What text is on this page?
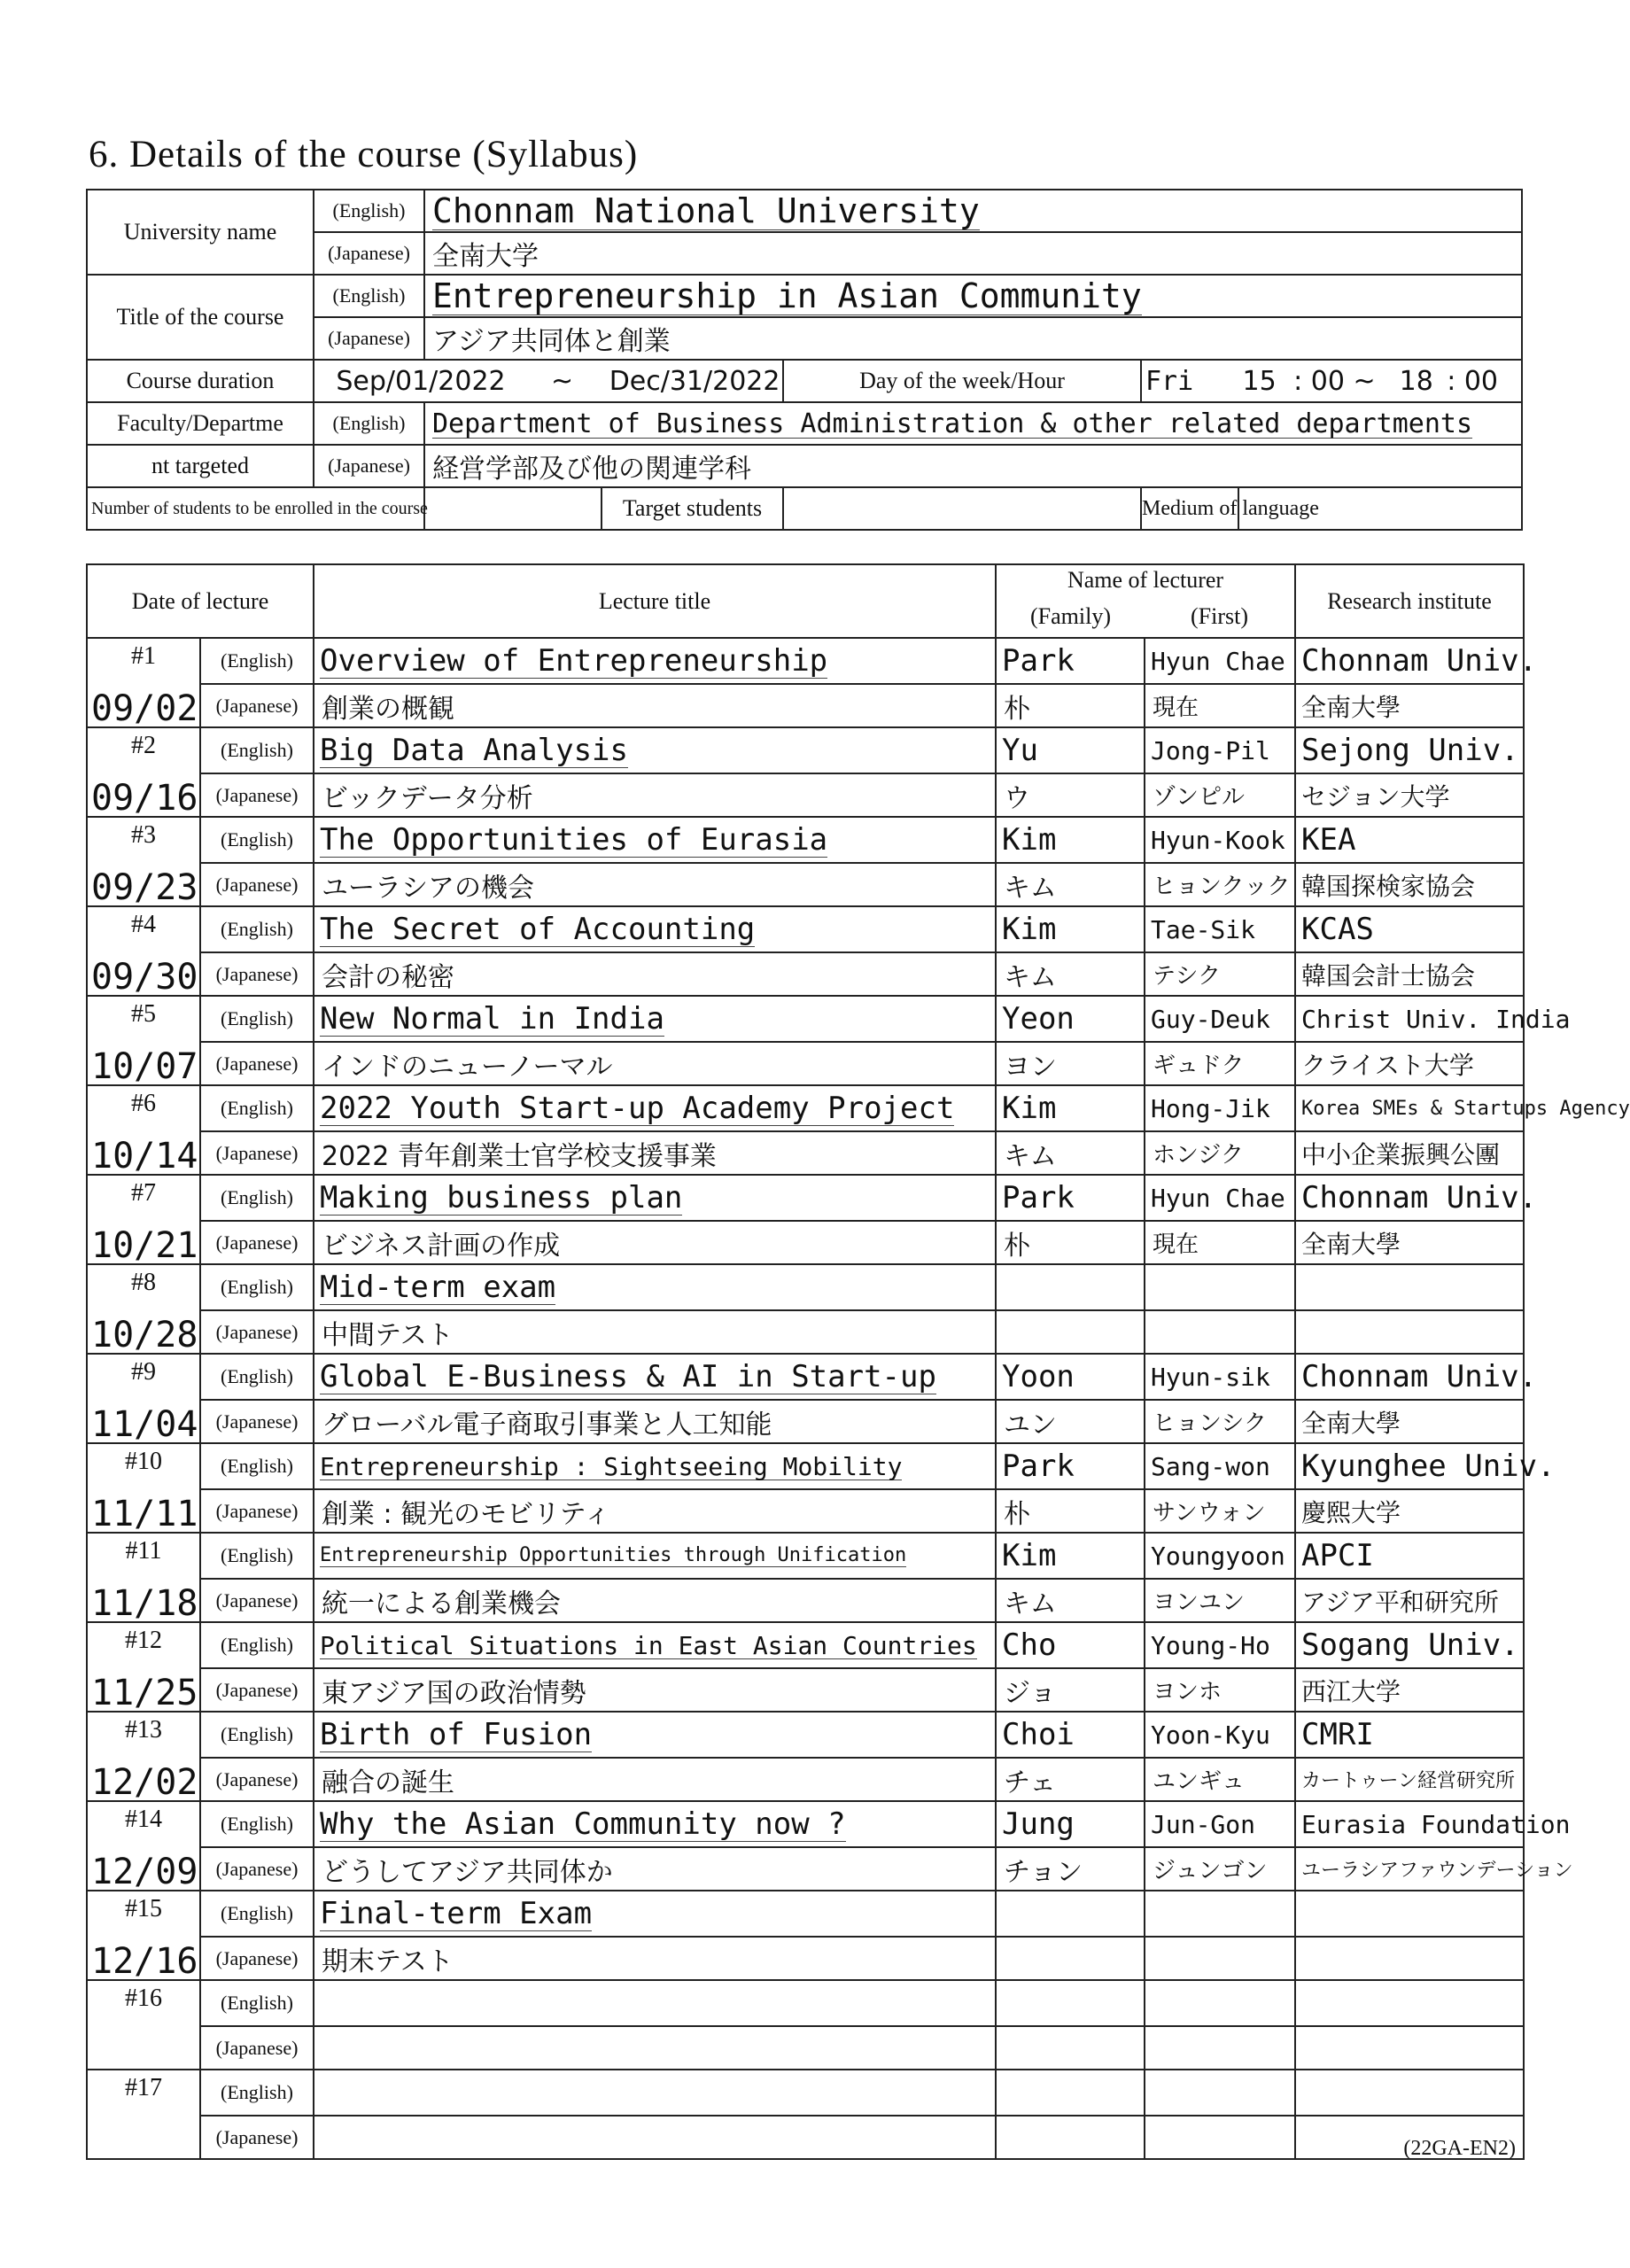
6. Details of the course (Syllabus)
University name	(English)	Chonnam National University				
	(Japanese)	全南大学				
Title of the course	(English)	Entrepreneurship in Asian Community				
	(Japanese)	アジア共同体と創業				
Course duration	Sep/01/2022 ~ Dec/31/2022			Day of the week/Hour	Fri 15 : 00 ~ 18 : 00	
Faculty/Departme	(English)	Department of Business Administration & other related departments				
nt targeted	(Japanese)	経営学部及び他の関連学科				
Number of students to be enrolled in the course			Target students		Medium of language	
Date of lecture		Lecture title	Name of lecturer		Research institute
			(Family)	(First)	
#1	(English)	Overview of Entrepreneurship	Park	Hyun Chae	Chonnam Univ.
09/02	(Japanese)	創業の概観	朴	現在	全南大學
#2	(English)	Big Data Analysis	Yu	Jong-Pil	Sejong Univ.
09/16	(Japanese)	ビックデータ分析	ウ	ゾンピル	セジョン大学
#3	(English)	The Opportunities of Eurasia	Kim	Hyun-Kook	KEA
09/23	(Japanese)	ユーラシアの機会	キム	ヒョンクック	韓国探検家協会
#4	(English)	The Secret of Accounting	Kim	Tae-Sik	KCAS
09/30	(Japanese)	会計の秘密	キム	テシク	韓国会計士協会
#5	(English)	New Normal in India	Yeon	Guy-Deuk	Christ Univ. India
10/07	(Japanese)	インドのニューノーマル	ヨン	ギュドク	クライスト大学
#6	(English)	2022 Youth Start-up Academy Project	Kim	Hong-Jik	Korea SMEs & Startups Agency
10/14	(Japanese)	2022 青年創業士官学校支援事業	キム	ホンジク	中小企業振興公團
#7	(English)	Making business plan	Park	Hyun Chae	Chonnam Univ.
10/21	(Japanese)	ビジネス計画の作成	朴	現在	全南大學
#8	(English)	Mid-term exam			
10/28	(Japanese)	中間テスト			
#9	(English)	Global E-Business & AI in Start-up	Yoon	Hyun-sik	Chonnam Univ.
11/04	(Japanese)	グローバル電子商取引事業と人工知能	ユン	ヒョンシク	全南大學
#10	(English)	Entrepreneurship : Sightseeing Mobility	Park	Sang-won	Kyunghee Univ.
11/11	(Japanese)	創業 : 観光のモビリティ	朴	サンウォン	慶熙大学
#11	(English)	Entrepreneurship Opportunities through Unification	Kim	Youngyoon	APCI
11/18	(Japanese)	統一による創業機会	キム	ヨンユン	アジア平和研究所
#12	(English)	Political Situations in East Asian Countries	Cho	Young-Ho	Sogang Univ.
11/25	(Japanese)	東アジア国の政治情勢	ジョ	ヨンホ	西江大学
#13	(English)	Birth of Fusion	Choi	Yoon-Kyu	CMRI
12/02	(Japanese)	融合の誕生	チェ	ユンギュ	カートゥーン経営研究所
#14	(English)	Why the Asian Community now ?	Jung	Jun-Gon	Eurasia Foundation
12/09	(Japanese)	どうしてアジア共同体か	チョン	ジュンゴン	ユーラシアファウンデーション
#15	(English)	Final-term Exam			
12/16	(Japanese)	期末テスト			
#16	(English)				
	(Japanese)				
#17	(English)				
	(Japanese)					(22GA-EN2)
